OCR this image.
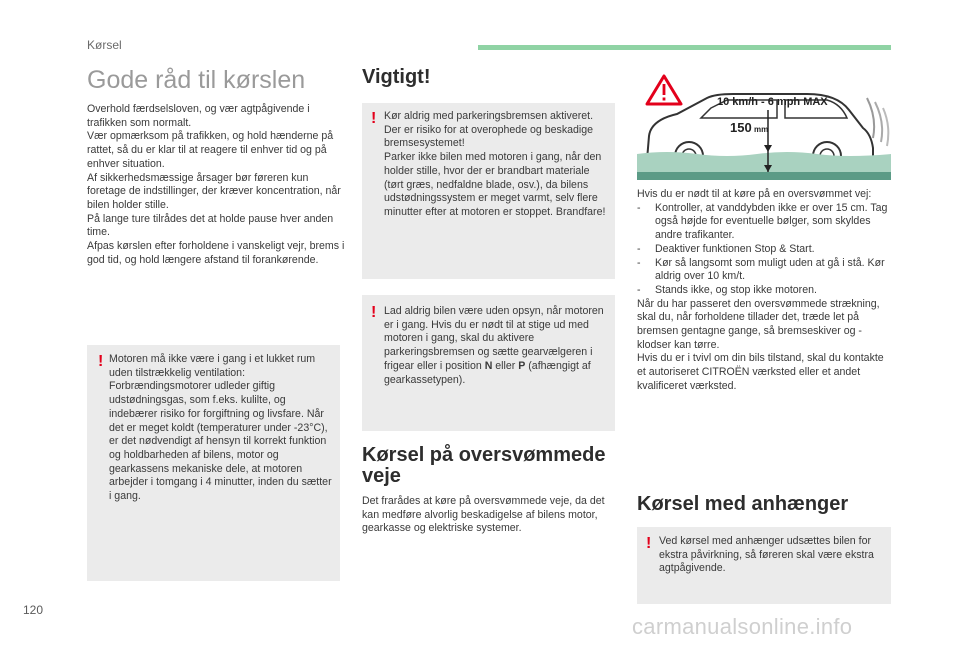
Kørsel
Gode råd til kørslen

Overhold færdselsloven, og vær agtpågivende i trafikken som normalt.

Vær opmærksom på trafikken, og hold hænderne på rattet, så du er klar til at reagere til enhver tid og på enhver situation.

Af sikkerhedsmæssige årsager bør føreren kun foretage de indstillinger, der kræver koncentration, når bilen holder stille.

På lange ture tilrådes det at holde pause hver anden time.

Afpas kørslen efter forholdene i vanskeligt vejr, brems i god tid, og hold længere afstand til forankørende.

! Motoren må ikke være i gang i et lukket rum uden tilstrækkelig ventilation: Forbrændingsmotorer udleder giftig udstødningsgas, som f.eks. kulilte, og indebærer risiko for forgiftning og livsfare. Når det er meget koldt (temperaturer under -23°C), er det nødvendigt af hensyn til korrekt funktion og holdbarheden af bilens, motor og gearkassens mekaniske dele, at motoren arbejder i tomgang i 4 minutter, inden du sætter i gang.

Vigtigt!
! Kør aldrig med parkeringsbremsen aktiveret. Der er risiko for at overophede og beskadige bremsesystemet!

Parker ikke bilen med motoren i gang, når den holder stille, hvor der er brandbart materiale (tørt græs, nedfaldne blade, osv.), da bilens udstødningssystem er meget varmt, selv flere minutter efter at motoren er stoppet. Brandfare!

! Lad aldrig bilen være uden opsyn, når motoren er i gang. Hvis du er nødt til at stige ud med motoren i gang, skal du aktivere parkeringsbremsen og sætte gearvælgeren i frigear eller i position N eller P (afhængigt af gearkassetypen).

Kørsel på oversvømmede veje

Det frarådes at køre på oversvømmede veje, da det kan medføre alvorlig beskadigelse af bilens motor, gearkasse og elektriske systemer.

150 mm
10 km/h - 6 mph MAX

Hvis du er nødt til at køre på en oversvømmet vej:

- Kontroller, at vanddybden ikke er over 15 cm. Tag også højde for eventuelle bølger, som skyldes andre trafikanter.
- Deaktiver funktionen Stop & Start.
- Kør så langsomt som muligt uden at gå i stå. Kør aldrig over 10 km/t.
- Stands ikke, og stop ikke motoren.

Når du har passeret den oversvømmede strækning, skal du, når forholdene tillader det, træde let på bremsen gentagne gange, så bremseskiver og -klodser kan tørre.

Hvis du er i tvivl om din bils tilstand, skal du kontakte et autoriseret CITROËN værksted eller et andet kvalificeret værksted.

Kørsel med anhænger
! Ved kørsel med anhænger udsættes bilen for ekstra påvirkning, så føreren skal være ekstra agtpågivende.

120
carmanualsonline.info
